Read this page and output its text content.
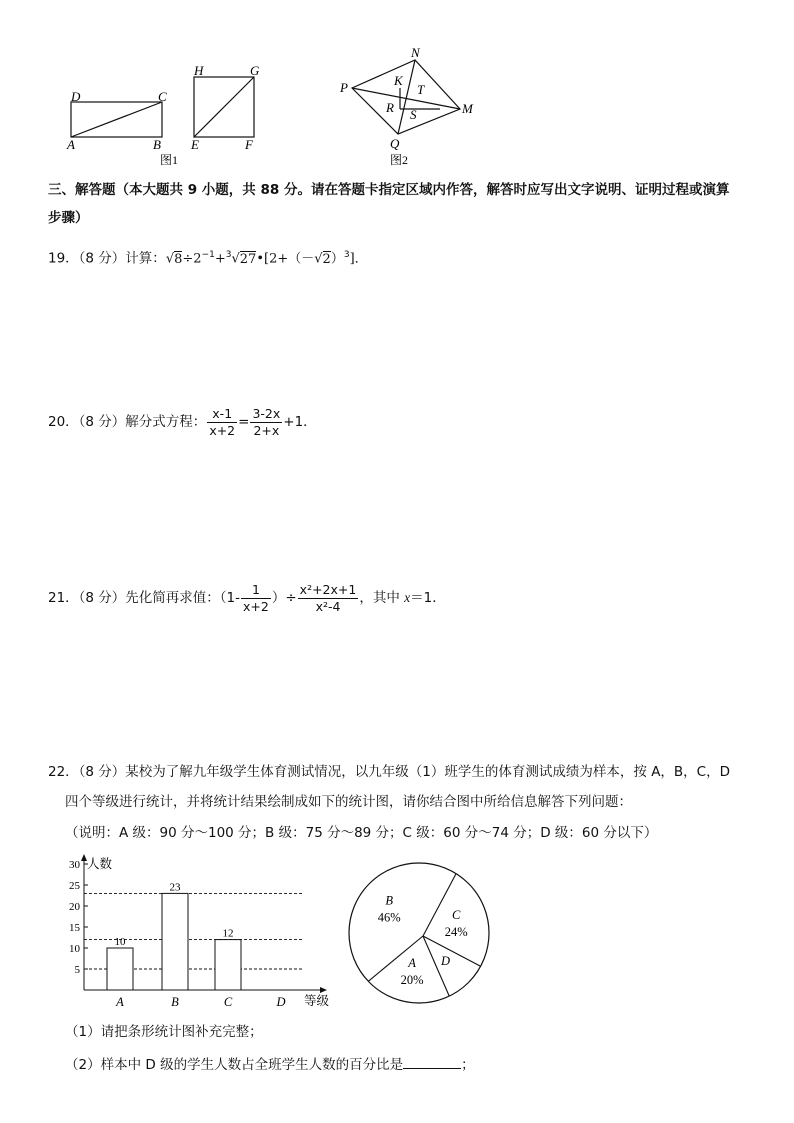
D	C
A	B
H	G
E	F
图1
N
P	K
T
R S	M
Q
图2
三、解答题（本大题共 9 小题，共 88 分。请在答题卡指定区域内作答，解答时应写出文字说明、证明过程或演算
步骤）
19．（8 分）计算：$√8\div 2^{-1}+^3√27•[2+(-√2)^3]$．
20．（8 分）解分式方程： $\frac{x-1}{x+2} = \frac{3-2x}{2+x} +1$．
21．（8 分）先化简再求值：（$1- \frac{1}{x+2}$ ）÷ $\frac{\text{x²+2x+1}}{\text{x²-4}}$ ，其中 x＝1．
22．（8 分）某校为了解九年级学生体育测试情况，以九年级（1）班学生的体育测试成绩为样本，按 A，B，C，D
四个等级进行统计，并将统计结果绘制成如下的统计图，请你结合图中所给信息解答下列问题：
（说明：A 级：90 分～100 分；B 级：75 分～89 分；C 级：60 分～74 分；D 级：60 分以下）
人数
等级
5
10
15
20
25
30
10
A
23
B
12
C	D
B
46%	C
24%
D
A
20%
（1）请把条形统计图补充完整；
（2）样本中 D 级的学生人数占全班学生人数的百分比是	；
